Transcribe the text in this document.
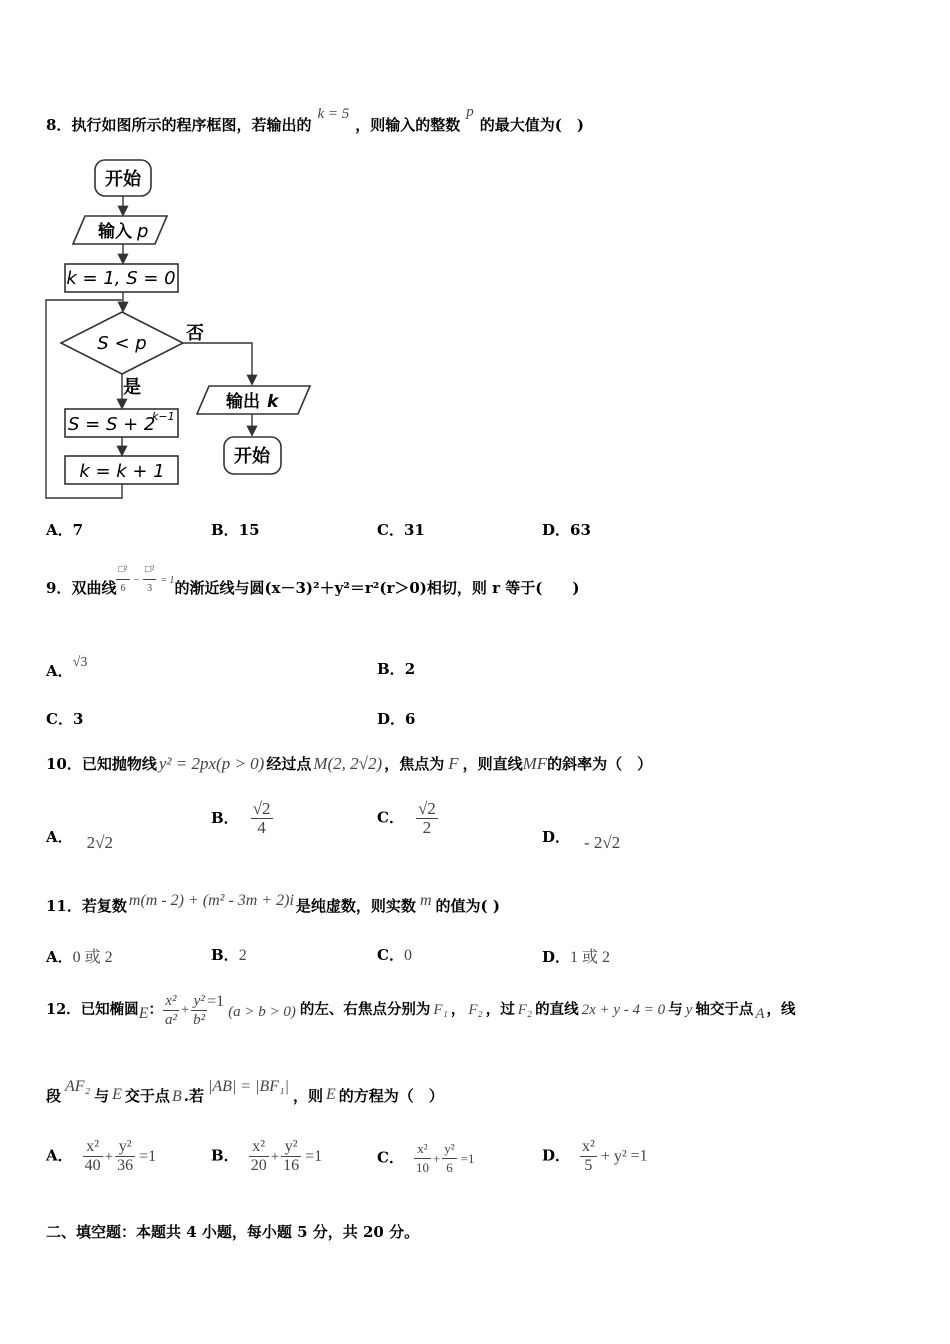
8．执行如图所示的程序框图，若输出的k = 5，则输入的整数p的最大值为(　)
开始
输入 p
k = 1, S = 0
S < p 否
输出 k
开始
是
S = S + 2
k−1
k = k + 1
A．7	B．15	C．31	D．63
9．双曲线 $\frac{\text{□²}}{6} ^- \frac{\text{□²}}{3} ^{= 1}$的渐近线与圆(x－3)²＋y²＝r²(r＞0)相切，则 r 等于(　　)
A．√3	B．2
C．3	D．6
10．已知抛物线 y² = 2px(p > 0) 经过点 M(2, 2√2) ，焦点为 F ，则直线MF的斜率为（　）
A． 2√2
B． $\frac{√2}{4}$	C． $\frac{√2}{2}$	D． - 2√2
11．若复数 m(m - 2) + (m² - 3m + 2)i 是纯虚数，则实数 m 的值为( )
A．0 或 2	B．2	C．0	D．1 或 2
12．已知椭圆E： $\frac{\text{x²}}{\text{a²}} + \frac{\text{y²}}{\text{b²}} =1(a > b > 0)$ 的左、右焦点分别为 F₁ ， F₂ ，过 F₂ 的直线 2x + y - 4 = 0 与 y 轴交于点 A ，线
段AF₂与 E 交于点 B .若|AB| = |BF₁|，则 E 的方程为（　）
A． $\frac{\text{x²}}{40} + \frac{\text{y²}}{36} =1$	B． $\frac{\text{x²}}{20} + \frac{\text{y²}}{16} =1$	C． $\frac{\text{x²}}{10} + \frac{\text{y²}}{6} =1$	D． $\frac{\text{x²}}{5} + y^2 =1$
二、填空题：本题共 4 小题，每小题 5 分，共 20 分。
